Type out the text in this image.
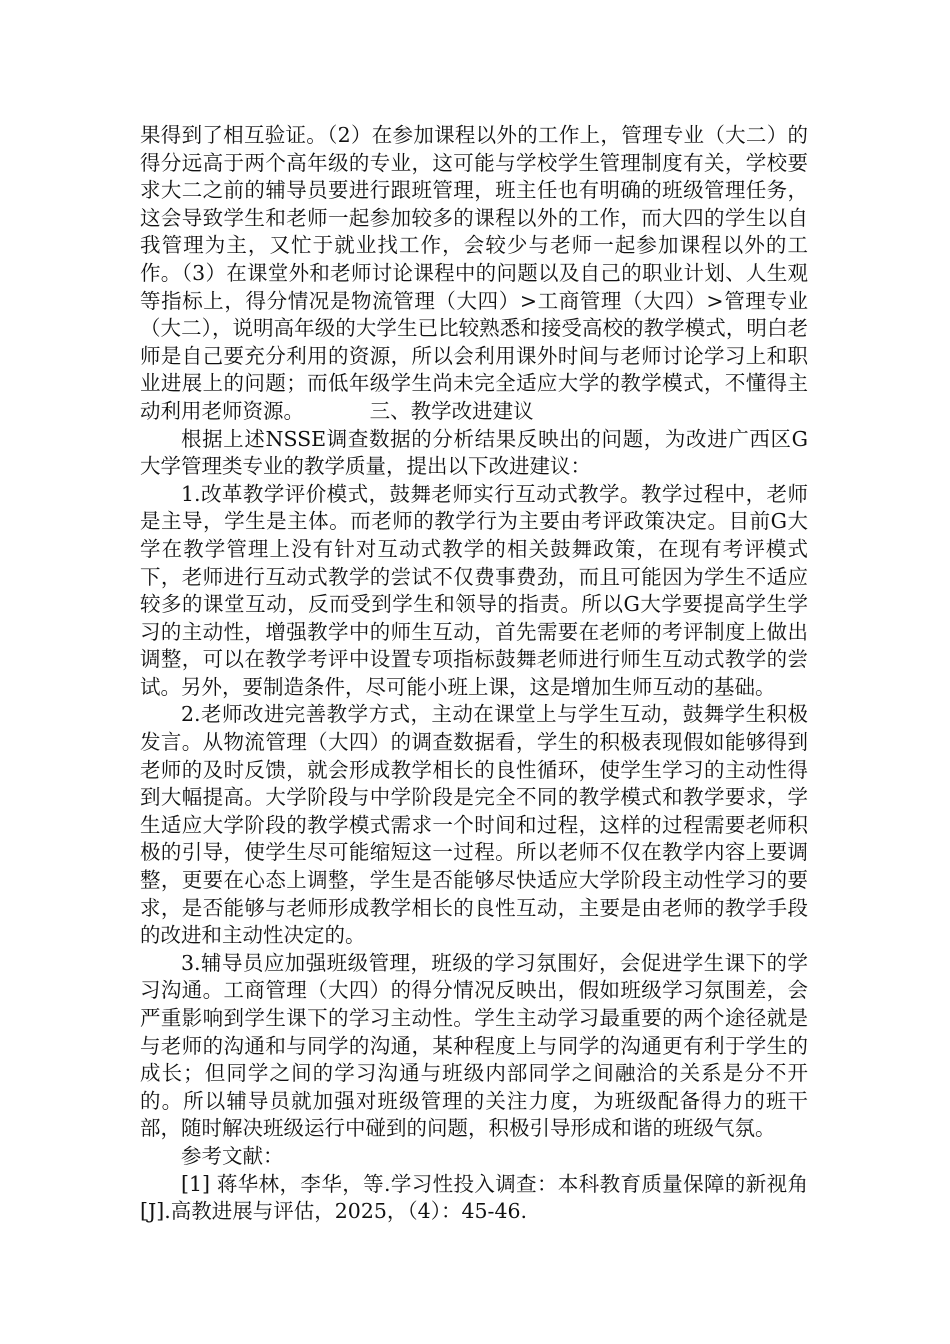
果得到了相互验证。（2）在参加课程以外的工作上，管理专业（大二）的得分远高于两个高年级的专业，这可能与学校学生管理制度有关，学校要求大二之前的辅导员要进行跟班管理，班主任也有明确的班级管理任务，这会导致学生和老师一起参加较多的课程以外的工作，而大四的学生以自我管理为主，又忙于就业找工作，会较少与老师一起参加课程以外的工作。（3）在课堂外和老师讨论课程中的问题以及自己的职业计划、人生观等指标上，得分情况是物流管理（大四）>工商管理（大四）>管理专业（大二），说明高年级的大学生已比较熟悉和接受高校的教学模式，明白老师是自己要充分利用的资源，所以会利用课外时间与老师讨论学习上和职业进展上的问题；而低年级学生尚未完全适应大学的教学模式，不懂得主动利用老师资源。	三、教学改进建议

根据上述NSSE调查数据的分析结果反映出的问题，为改进广西区G大学管理类专业的教学质量，提出以下改进建议：

1.改革教学评价模式，鼓舞老师实行互动式教学。教学过程中，老师是主导，学生是主体。而老师的教学行为主要由考评政策决定。目前G大学在教学管理上没有针对互动式教学的相关鼓舞政策，在现有考评模式下，老师进行互动式教学的尝试不仅费事费劲，而且可能因为学生不适应较多的课堂互动，反而受到学生和领导的指责。所以G大学要提高学生学习的主动性，增强教学中的师生互动，首先需要在老师的考评制度上做出调整，可以在教学考评中设置专项指标鼓舞老师进行师生互动式教学的尝试。另外，要制造条件，尽可能小班上课，这是增加生师互动的基础。

2.老师改进完善教学方式，主动在课堂上与学生互动，鼓舞学生积极发言。从物流管理（大四）的调查数据看，学生的积极表现假如能够得到老师的及时反馈，就会形成教学相长的良性循环，使学生学习的主动性得到大幅提高。大学阶段与中学阶段是完全不同的教学模式和教学要求，学生适应大学阶段的教学模式需求一个时间和过程，这样的过程需要老师积极的引导，使学生尽可能缩短这一过程。所以老师不仅在教学内容上要调整，更要在心态上调整，学生是否能够尽快适应大学阶段主动性学习的要求，是否能够与老师形成教学相长的良性互动，主要是由老师的教学手段的改进和主动性决定的。

3.辅导员应加强班级管理，班级的学习氛围好，会促进学生课下的学习沟通。工商管理（大四）的得分情况反映出，假如班级学习氛围差，会严重影响到学生课下的学习主动性。学生主动学习最重要的两个途径就是与老师的沟通和与同学的沟通，某种程度上与同学的沟通更有利于学生的成长；但同学之间的学习沟通与班级内部同学之间融洽的关系是分不开的。所以辅导员就加强对班级管理的关注力度，为班级配备得力的班干部，随时解决班级运行中碰到的问题，积极引导形成和谐的班级气氛。

参考文献：

[1] 蒋华林，李华，等.学习性投入调查：本科教育质量保障的新视角[J].高教进展与评估，2025，（4）：45-46.
